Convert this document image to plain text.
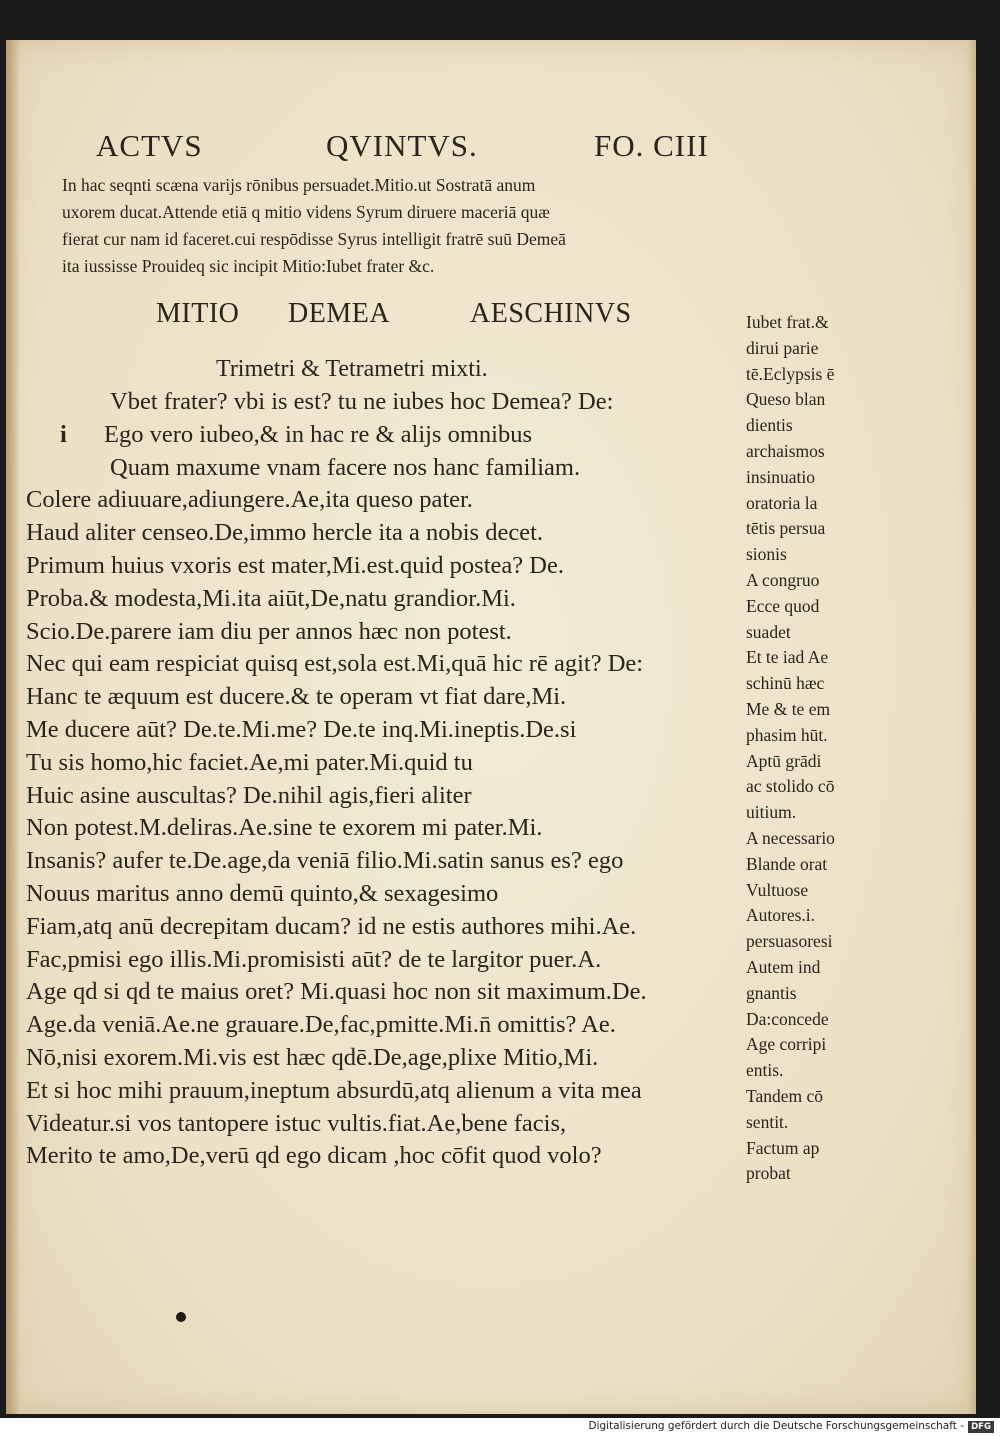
ACTVS	QVINTVS.	FO. CIII
In hac seqnti scæna varijs rōnibus persuadet.Mitio.ut Sostratā anum
uxorem ducat.Attende etiā q mitio videns Syrum diruere maceriā quæ
fierat cur nam id faceret.cui respōdisse Syrus intelligit fratrē suū Demeā
ita iussisse Prouideq sic incipit Mitio:Iubet frater &c.
MITIO DEMEA	AESCHINVS
Trimetri & Tetrametri mixti.
Vbet frater? vbi is est? tu ne iubes hoc Demea? De:
i Ego vero iubeo,& in hac re & alijs omnibus
Quam maxume vnam facere nos hanc familiam.
Colere adiuuare,adiungere.Ae,ita queso pater.
Haud aliter censeo.De,immo hercle ita a nobis decet.
Primum huius vxoris est mater,Mi.est.quid postea? De.
Proba.& modesta,Mi.ita aiūt,De,natu grandior.Mi.
Scio.De.parere iam diu per annos hæc non potest.
Nec qui eam respiciat quisq est,sola est.Mi,quā hic rē agit? De:
Hanc te æquum est ducere.& te operam vt fiat dare,Mi.
Me ducere aūt? De.te.Mi.me? De.te inq.Mi.ineptis.De.si
Tu sis homo,hic faciet.Ae,mi pater.Mi.quid tu
Huic asine auscultas? De.nihil agis,fieri aliter
Non potest.M.deliras.Ae.sine te exorem mi pater.Mi.
Insanis? aufer te.De.age,da veniā filio.Mi.satin sanus es? ego
Nouus maritus anno demū quinto,& sexagesimo
Fiam,atq anū decrepitam ducam? id ne estis authores mihi.Ae.
Fac,pmisi ego illis.Mi.promisisti aūt? de te largitor puer.A.
Age qd si qd te maius oret? Mi.quasi hoc non sit maximum.De.
Age.da veniā.Ae.ne grauare.De,fac,pmitte.Mi.n̄ omittis? Ae.
Nō,nisi exorem.Mi.vis est hæc qdē.De,age,plixe Mitio,Mi.
Et si hoc mihi prauum,ineptum absurdū,atq alienum a vita mea
Videatur.si vos tantopere istuc vultis.fiat.Ae,bene facis,
Merito te amo,De,verū qd ego dicam ,hoc cōfit quod volo?
Iubet frat.&
dirui parie
tē.Eclypsis ē
Queso blan
dientis
archaismos
insinuatio
oratoria la
tētis persua
sionis
A congruo
Ecce quod
suadet
Et te iad Ae
schinū hæc
Me & te em
phasim hūt.
Aptū grādi
ac stolido cō
uitium.
A necessario
Blande orat
Vultuose
Autores.i.
persuasoresi
Autem ind
gnantis
Da:concede
Age corripi
entis.
Tandem cō
sentit.
Factum ap
probat
Digitalisierung gefördert durch die Deutsche Forschungsgemeinschaft - DFG
